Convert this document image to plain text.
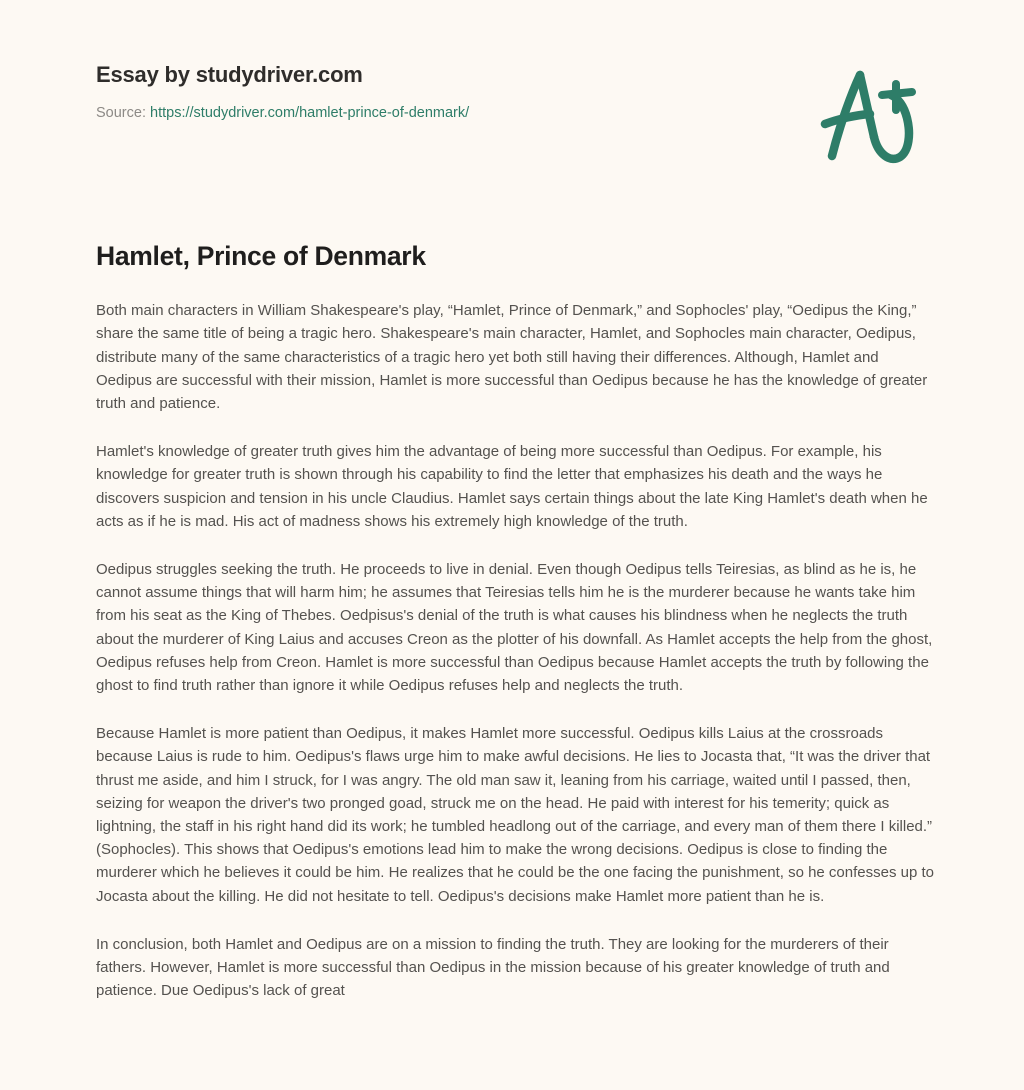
Essay by studydriver.com
Source: https://studydriver.com/hamlet-prince-of-denmark/
Hamlet, Prince of Denmark

Both main characters in William Shakespeare's play, “Hamlet, Prince of Denmark,” and Sophocles' play, “Oedipus the King,” share the same title of being a tragic hero. Shakespeare's main character, Hamlet, and Sophocles main character, Oedipus, distribute many of the same characteristics of a tragic hero yet both still having their differences. Although, Hamlet and Oedipus are successful with their mission, Hamlet is more successful than Oedipus because he has the knowledge of greater truth and patience.

Hamlet's knowledge of greater truth gives him the advantage of being more successful than Oedipus. For example, his knowledge for greater truth is shown through his capability to find the letter that emphasizes his death and the ways he discovers suspicion and tension in his uncle Claudius. Hamlet says certain things about the late King Hamlet's death when he acts as if he is mad. His act of madness shows his extremely high knowledge of the truth.

Oedipus struggles seeking the truth. He proceeds to live in denial. Even though Oedipus tells Teiresias, as blind as he is, he cannot assume things that will harm him; he assumes that Teiresias tells him he is the murderer because he wants take him from his seat as the King of Thebes. Oedpisus's denial of the truth is what causes his blindness when he neglects the truth about the murderer of King Laius and accuses Creon as the plotter of his downfall. As Hamlet accepts the help from the ghost, Oedipus refuses help from Creon. Hamlet is more successful than Oedipus because Hamlet accepts the truth by following the ghost to find truth rather than ignore it while Oedipus refuses help and neglects the truth.

Because Hamlet is more patient than Oedipus, it makes Hamlet more successful. Oedipus kills Laius at the crossroads because Laius is rude to him. Oedipus's flaws urge him to make awful decisions. He lies to Jocasta that, “It was the driver that thrust me aside, and him I struck, for I was angry. The old man saw it, leaning from his carriage, waited until I passed, then, seizing for weapon the driver's two pronged goad, struck me on the head. He paid with interest for his temerity; quick as lightning, the staff in his right hand did its work; he tumbled headlong out of the carriage, and every man of them there I killed.” (Sophocles). This shows that Oedipus's emotions lead him to make the wrong decisions. Oedipus is close to finding the murderer which he believes it could be him. He realizes that he could be the one facing the punishment, so he confesses up to Jocasta about the killing. He did not hesitate to tell. Oedipus's decisions make Hamlet more patient than he is.

In conclusion, both Hamlet and Oedipus are on a mission to finding the truth. They are looking for the murderers of their fathers. However, Hamlet is more successful than Oedipus in the mission because of his greater knowledge of truth and patience. Due Oedipus's lack of great
